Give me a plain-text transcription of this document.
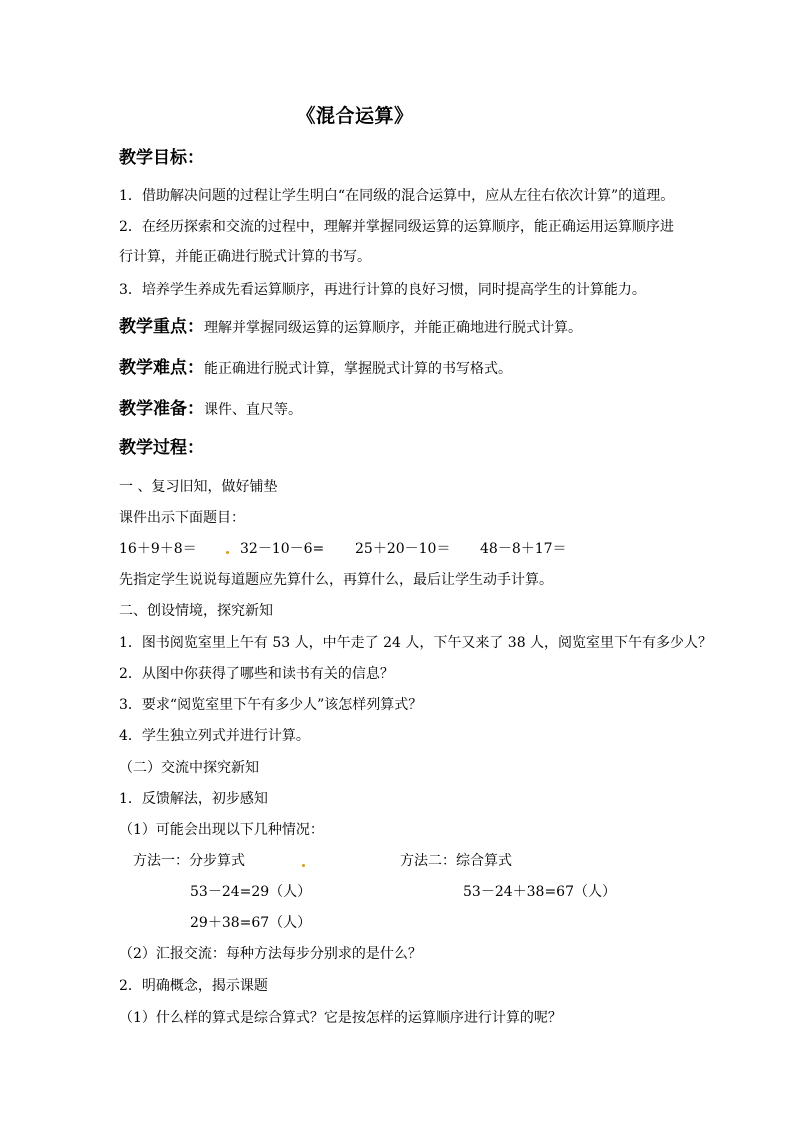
《混合运算》
教学目标：
1．借助解决问题的过程让学生明白“在同级的混合运算中，应从左往右依次计算”的道理。
2．在经历探索和交流的过程中，理解并掌握同级运算的运算顺序，能正确运用运算顺序进
行计算，并能正确进行脱式计算的书写。
3．培养学生养成先看运算顺序，再进行计算的良好习惯，同时提高学生的计算能力。
教学重点：理解并掌握同级运算的运算顺序，并能正确地进行脱式计算。
教学难点：能正确进行脱式计算，掌握脱式计算的书写格式。
教学准备：课件、直尺等。
教学过程：
一 、复习旧知，做好铺垫
课件出示下面题目：
16＋9＋8＝	32－10－6= 25＋20－10＝ 48－8＋17＝
先指定学生说说每道题应先算什么，再算什么，最后让学生动手计算。
二、创设情境，探究新知
1．图书阅览室里上午有 53 人，中午走了 24 人，下午又来了 38 人，阅览室里下午有多少人？
2．从图中你获得了哪些和读书有关的信息？
3．要求“阅览室里下午有多少人”该怎样列算式？
4．学生独立列式并进行计算。
（二）交流中探究新知
1．反馈解法，初步感知
（1）可能会出现以下几种情况：
方法一：分步算式	方法二：综合算式
53－24=29（人）	53－24＋38=67（人）
29＋38=67（人）
（2）汇报交流：每种方法每步分别求的是什么？
2．明确概念，揭示课题
（1）什么样的算式是综合算式？它是按怎样的运算顺序进行计算的呢？
